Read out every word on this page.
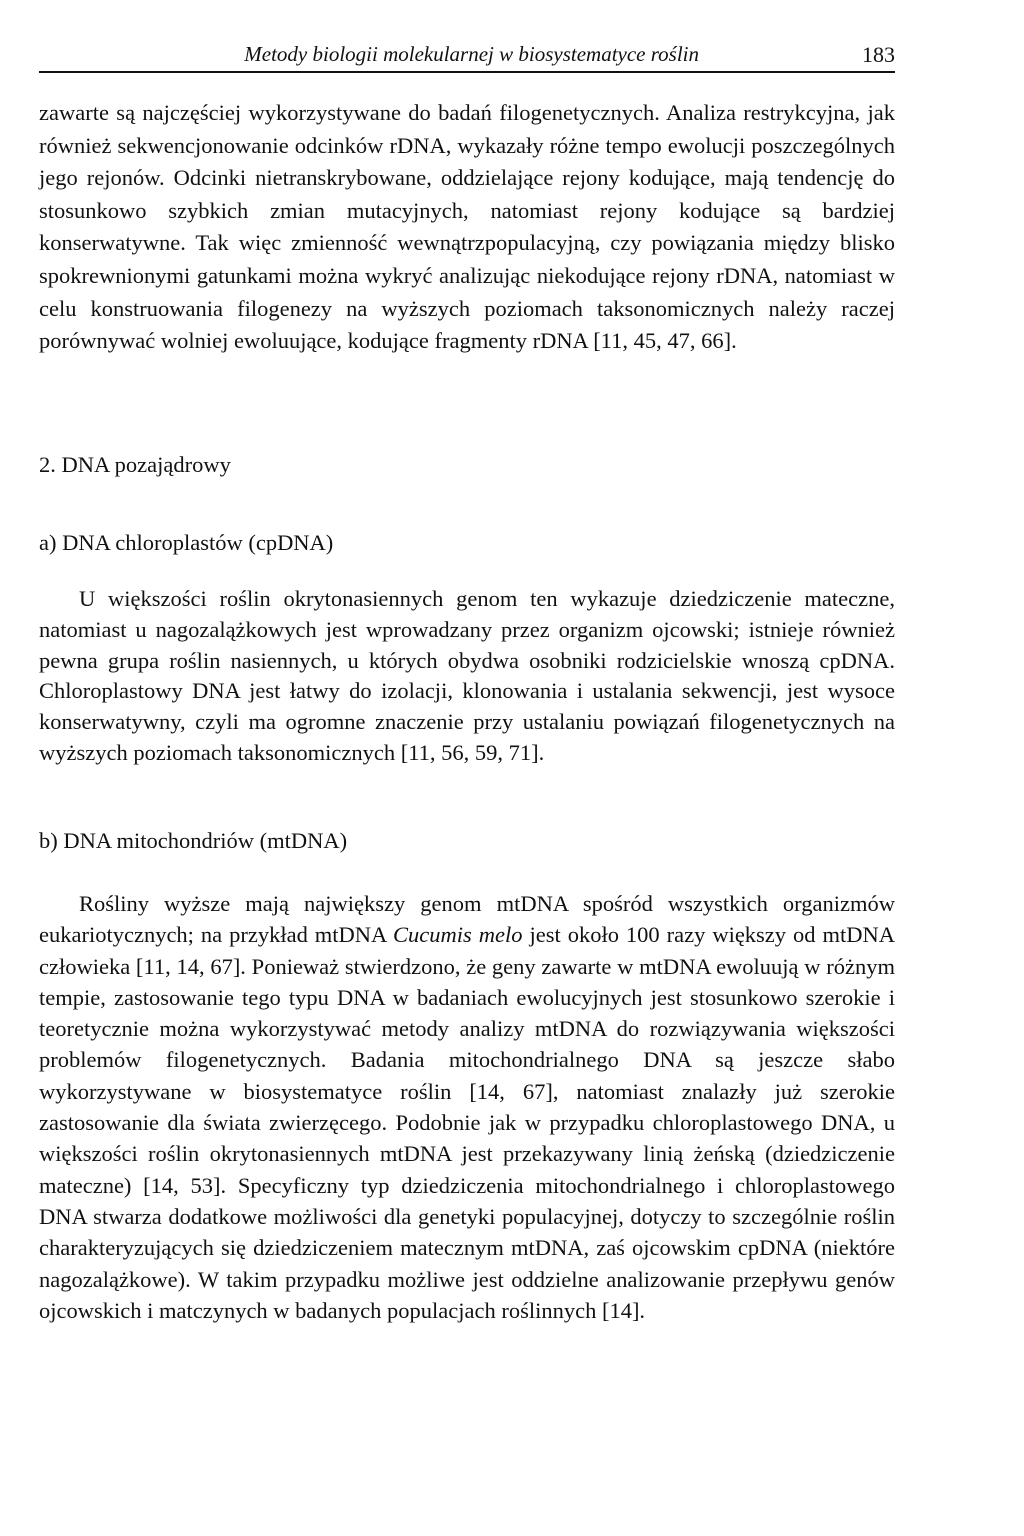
Metody biologii molekularnej w biosystematyce roślin	183

zawarte są najczęściej wykorzystywane do badań filogenetycznych. Analiza restrykcyjna, jak również sekwencjonowanie odcinków rDNA, wykazały różne tempo ewolucji poszczególnych jego rejonów. Odcinki nietranskrybowane, oddzielające rejony kodujące, mają tendencję do stosunkowo szybkich zmian mutacyjnych, natomiast rejony kodujące są bardziej konserwatywne. Tak więc zmienność wewnątrzpopulacyjną, czy powiązania między blisko spokrewnionymi gatunkami można wykryć analizując niekodujące rejony rDNA, natomiast w celu konstruowania filogenezy na wyższych poziomach taksonomicznych należy raczej porównywać wolniej ewoluujące, kodujące fragmenty rDNA [11, 45, 47, 66].

2. DNA pozajądrowy
a) DNA chloroplastów (cpDNA)

U większości roślin okrytonasiennych genom ten wykazuje dziedziczenie mateczne, natomiast u nagozalążkowych jest wprowadzany przez organizm ojcowski; istnieje również pewna grupa roślin nasiennych, u których obydwa osobniki rodzicielskie wnoszą cpDNA. Chloroplastowy DNA jest łatwy do izolacji, klonowania i ustalania sekwencji, jest wysoce konserwatywny, czyli ma ogromne znaczenie przy ustalaniu powiązań filogenetycznych na wyższych poziomach taksonomicznych [11, 56, 59, 71].

b) DNA mitochondriów (mtDNA)

Rośliny wyższe mają największy genom mtDNA spośród wszystkich organizmów eukariotycznych; na przykład mtDNA Cucumis melo jest około 100 razy większy od mtDNA człowieka [11, 14, 67]. Ponieważ stwierdzono, że geny zawarte w mtDNA ewoluują w różnym tempie, zastosowanie tego typu DNA w badaniach ewolucyjnych jest stosunkowo szerokie i teoretycznie można wykorzystywać metody analizy mtDNA do rozwiązywania większości problemów filogenetycznych. Badania mitochondrialnego DNA są jeszcze słabo wykorzystywane w biosystematyce roślin [14, 67], natomiast znalazły już szerokie zastosowanie dla świata zwierzęcego. Podobnie jak w przypadku chloroplastowego DNA, u większości roślin okrytonasiennych mtDNA jest przekazywany linią żeńską (dziedziczenie mateczne) [14, 53]. Specyficzny typ dziedziczenia mitochondrialnego i chloroplastowego DNA stwarza dodatkowe możliwości dla genetyki populacyjnej, dotyczy to szczególnie roślin charakteryzujących się dziedziczeniem matecznym mtDNA, zaś ojcowskim cpDNA (niektóre nagozalążkowe). W takim przypadku możliwe jest oddzielne analizowanie przepływu genów ojcowskich i matczynych w badanych populacjach roślinnych [14].
